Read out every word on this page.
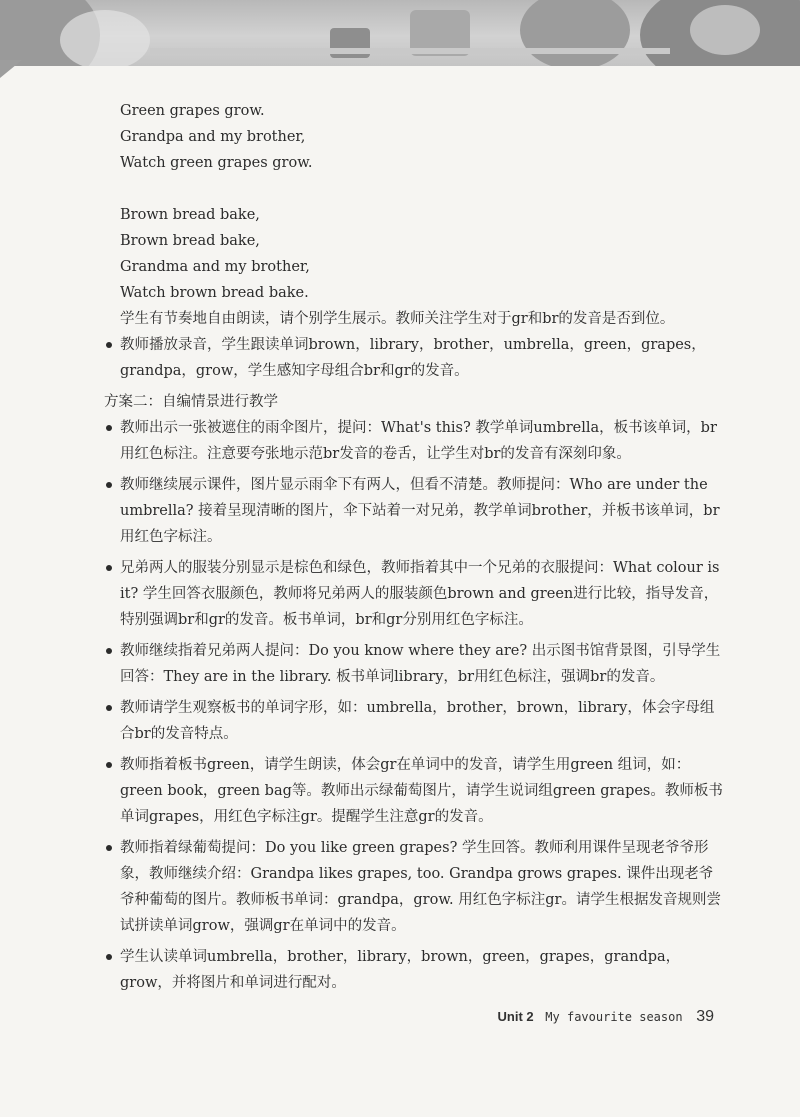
Green grapes grow.
Grandpa and my brother,
Watch green grapes grow.
Brown bread bake,
Brown bread bake,
Grandma and my brother,
Watch brown bread bake.
学生有节奏地自由朗读，请个别学生展示。教师关注学生对于gr和br的发音是否到位。
教师播放录音，学生跟读单词brown，library，brother，umbrella，green，grapes，grandpa，grow，学生感知字母组合br和gr的发音。
方案二：自编情景进行教学
教师出示一张被遮住的雨伞图片，提问：What's this? 教学单词umbrella，板书该单词，br用红色标注。注意要夸张地示范br发音的卷舌，让学生对br的发音有深刻印象。
教师继续展示课件，图片显示雨伞下有两人，但看不清楚。教师提问：Who are under the umbrella? 接着呈现清晰的图片，伞下站着一对兄弟，教学单词brother，并板书该单词，br用红色字标注。
兄弟两人的服装分别显示是棕色和绿色，教师指着其中一个兄弟的衣服提问：What colour is it? 学生回答衣服颜色，教师将兄弟两人的服装颜色brown and green进行比较，指导发音，特别强调br和gr的发音。板书单词，br和gr分别用红色字标注。
教师继续指着兄弟两人提问：Do you know where they are? 出示图书馆背景图，引导学生回答：They are in the library. 板书单词library，br用红色标注，强调br的发音。
教师请学生观察板书的单词字形，如：umbrella，brother，brown，library，体会字母组合br的发音特点。
教师指着板书green，请学生朗读，体会gr在单词中的发音，请学生用green 组词，如：green book，green bag等。教师出示绿葡萄图片，请学生说词组green grapes。教师板书单词grapes，用红色字标注gr。提醒学生注意gr的发音。
教师指着绿葡萄提问：Do you like green grapes? 学生回答。教师利用课件呈现老爷爷形象，教师继续介绍：Grandpa likes grapes, too. Grandpa grows grapes. 课件出现老爷爷种葡萄的图片。教师板书单词：grandpa，grow. 用红色字标注gr。请学生根据发音规则尝试拼读单词grow，强调gr在单词中的发音。
学生认读单词umbrella，brother，library，brown，green，grapes，grandpa，grow，并将图片和单词进行配对。
Unit 2 My favourite season 39
